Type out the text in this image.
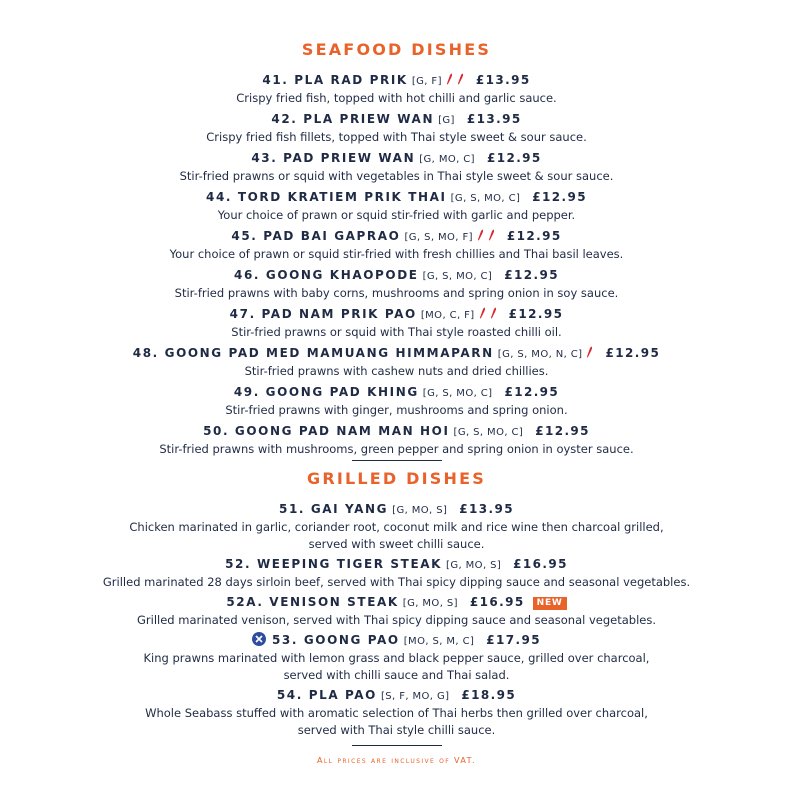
SEAFOOD DISHES
41. PLA RAD PRIK [G, F]	£13.95
Crispy fried fish, topped with hot chilli and garlic sauce.
42. PLA PRIEW WAN [G] £13.95
Crispy fried fish fillets, topped with Thai style sweet & sour sauce.
43. PAD PRIEW WAN [G, MO, C] £12.95
Stir-fried prawns or squid with vegetables in Thai style sweet & sour sauce.
44. TORD KRATIEM PRIK THAI [G, S, MO, C] £12.95
Your choice of prawn or squid stir-fried with garlic and pepper.
45. PAD BAI GAPRAO [G, S, MO, F]	£12.95
Your choice of prawn or squid stir-fried with fresh chillies and Thai basil leaves.
46. GOONG KHAOPODE [G, S, MO, C] £12.95
Stir-fried prawns with baby corns, mushrooms and spring onion in soy sauce.
47. PAD NAM PRIK PAO [MO, C, F]	£12.95
Stir-fried prawns or squid with Thai style roasted chilli oil.
48. GOONG PAD MED MAMUANG HIMMAPARN [G, S, MO, N, C] £12.95
Stir-fried prawns with cashew nuts and dried chillies.
49. GOONG PAD KHING [G, S, MO, C] £12.95
Stir-fried prawns with ginger, mushrooms and spring onion.
50. GOONG PAD NAM MAN HOI [G, S, MO, C] £12.95
Stir-fried prawns with mushrooms, green pepper and spring onion in oyster sauce.
GRILLED DISHES
51. GAI YANG [G, MO, S] £13.95
Chicken marinated in garlic, coriander root, coconut milk and rice wine then charcoal grilled,
served with sweet chilli sauce.
52. WEEPING TIGER STEAK [G, MO, S] £16.95
Grilled marinated 28 days sirloin beef, served with Thai spicy dipping sauce and seasonal vegetables.
52A. VENISON STEAK [G, MO, S] £16.95 NEW
Grilled marinated venison, served with Thai spicy dipping sauce and seasonal vegetables.
53. GOONG PAO [MO, S, M, C] £17.95
King prawns marinated with lemon grass and black pepper sauce, grilled over charcoal,
served with chilli sauce and Thai salad.
54. PLA PAO [S, F, MO, G] £18.95
Whole Seabass stuffed with aromatic selection of Thai herbs then grilled over charcoal,
served with Thai style chilli sauce.
All prices are inclusive of VAT.
